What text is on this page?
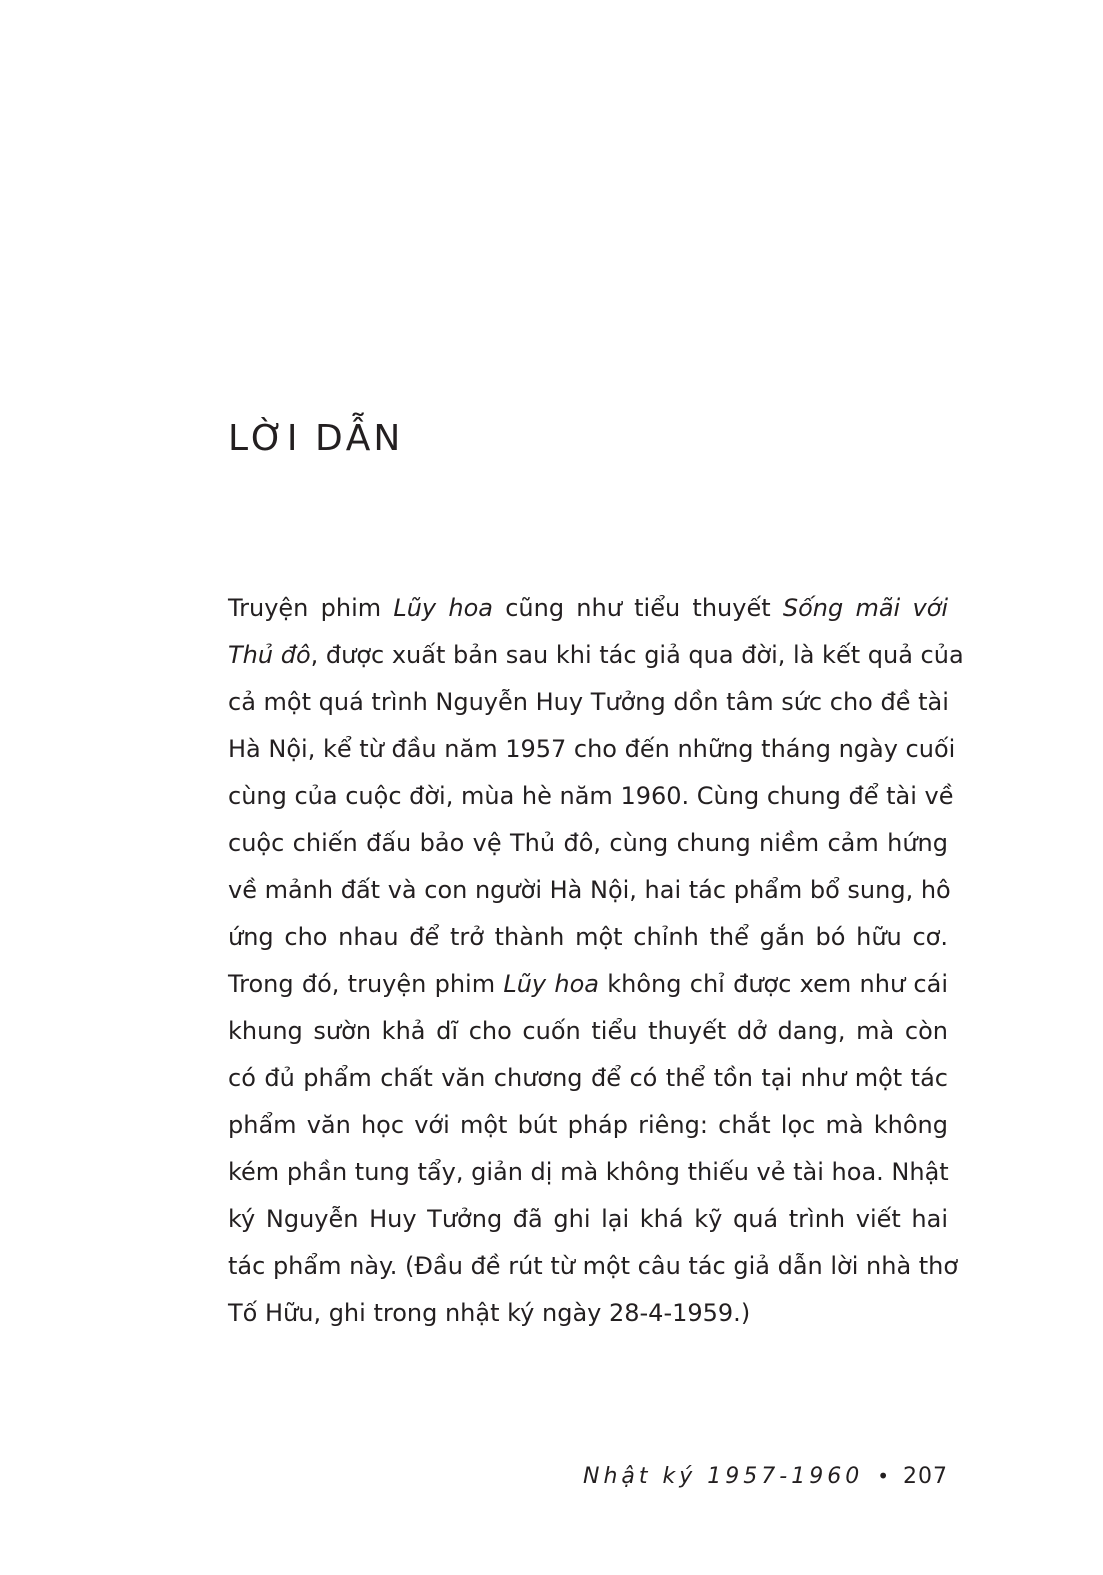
LỜI DẪN
Truyện phim Lũy hoa cũng như tiểu thuyết Sống mãi với
Thủ đô, được xuất bản sau khi tác giả qua đời, là kết quả của
cả một quá trình Nguyễn Huy Tưởng dồn tâm sức cho đề tài
Hà Nội, kể từ đầu năm 1957 cho đến những tháng ngày cuối
cùng của cuộc đời, mùa hè năm 1960. Cùng chung để tài về
cuộc chiến đấu bảo vệ Thủ đô, cùng chung niềm cảm hứng
về mảnh đất và con người Hà Nội, hai tác phẩm bổ sung, hô
ứng cho nhau để trở thành một chỉnh thể gắn bó hữu cơ.
Trong đó, truyện phim Lũy hoa không chỉ được xem như cái
khung sườn khả dĩ cho cuốn tiểu thuyết dở dang, mà còn
có đủ phẩm chất văn chương để có thể tồn tại như một tác
phẩm văn học với một bút pháp riêng: chắt lọc mà không
kém phần tung tẩy, giản dị mà không thiếu vẻ tài hoa. Nhật
ký Nguyễn Huy Tưởng đã ghi lại khá kỹ quá trình viết hai
tác phẩm này. (Đầu đề rút từ một câu tác giả dẫn lời nhà thơ
Tố Hữu, ghi trong nhật ký ngày 28-4-1959.)
Nhật ký 1957-1960 • 207
